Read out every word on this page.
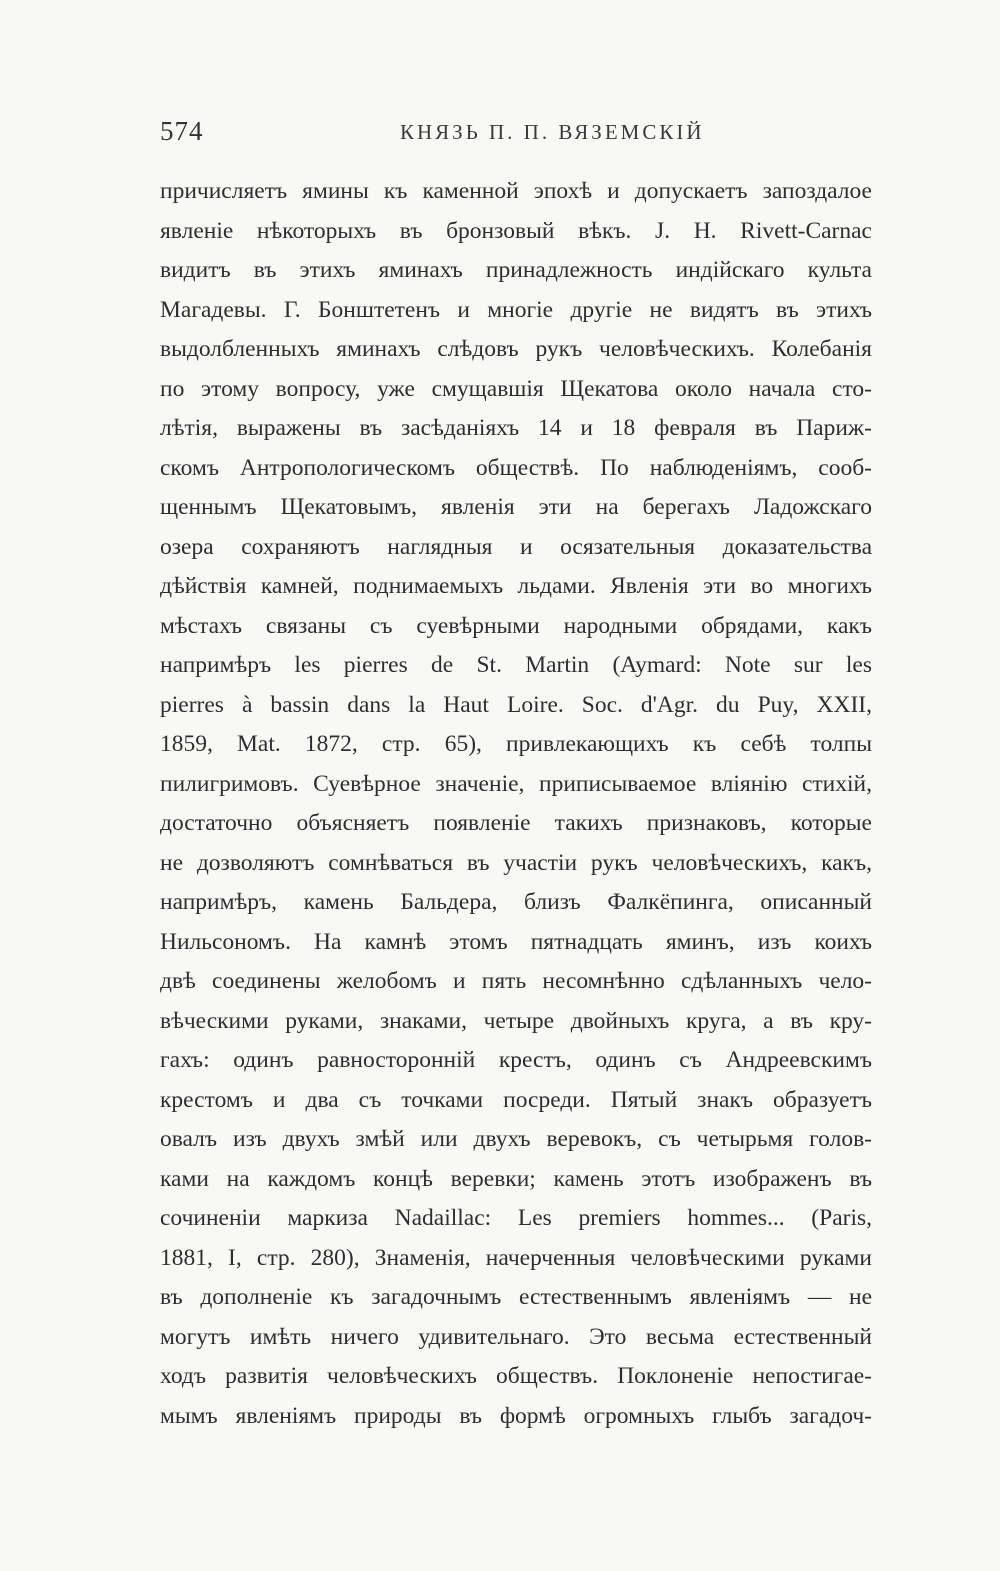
574	КНЯЗЬ П. П. ВЯЗЕМСКІЙ
причисляетъ ямины къ каменной эпохѣ и допускаетъ запоздалое
явленіе нѣкоторыхъ въ бронзовый вѣкъ. J. H. Rivett-Carnac
видитъ въ этихъ яминахъ принадлежность индійскаго культа
Магадевы. Г. Бонштетенъ и многіе другіе не видятъ въ этихъ
выдолбленныхъ яминахъ слѣдовъ рукъ человѣческихъ. Колебанія
по этому вопросу, уже смущавшія Щекатова около начала сто-
лѣтія, выражены въ засѣданіяхъ 14 и 18 февраля въ Париж-
скомъ Антропологическомъ обществѣ. По наблюденіямъ, сооб-
щеннымъ Щекатовымъ, явленія эти на берегахъ Ладожскаго
озера сохраняютъ наглядныя и осязательныя доказательства
дѣйствія камней, поднимаемыхъ льдами. Явленія эти во многихъ
мѣстахъ связаны съ суевѣрными народными обрядами, какъ
напримѣръ les pierres de St. Martin (Aymard: Note sur les
pierres à bassin dans la Haut Loire. Soc. d'Agr. du Puy, XXII,
1859, Mat. 1872, стр. 65), привлекающихъ къ себѣ толпы
пилигримовъ. Суевѣрное значеніе, приписываемое вліянію стихій,
достаточно объясняетъ появленіе такихъ признаковъ, которые
не дозволяютъ сомнѣваться въ участіи рукъ человѣческихъ, какъ,
напримѣръ, камень Бальдера, близъ Фалкёпинга, описанный
Нильсономъ. На камнѣ этомъ пятнадцать яминъ, изъ коихъ
двѣ соединены желобомъ и пять несомнѣнно сдѣланныхъ чело-
вѣческими руками, знаками, четыре двойныхъ круга, а въ кру-
гахъ: одинъ равносторонній крестъ, одинъ съ Андреевскимъ
крестомъ и два съ точками посреди. Пятый знакъ образуетъ
овалъ изъ двухъ змѣй или двухъ веревокъ, съ четырьмя голов-
ками на каждомъ концѣ веревки; камень этотъ изображенъ въ
сочиненіи маркиза Nadaillac: Les premiers hommes... (Paris,
1881, I, стр. 280), Знаменія, начерченныя человѣческими руками
въ дополненіе къ загадочнымъ естественнымъ явленіямъ — не
могутъ имѣть ничего удивительнаго. Это весьма естественный
ходъ развитія человѣческихъ обществъ. Поклоненіе непостигае-
мымъ явленіямъ природы въ формѣ огромныхъ глыбъ загадоч-
